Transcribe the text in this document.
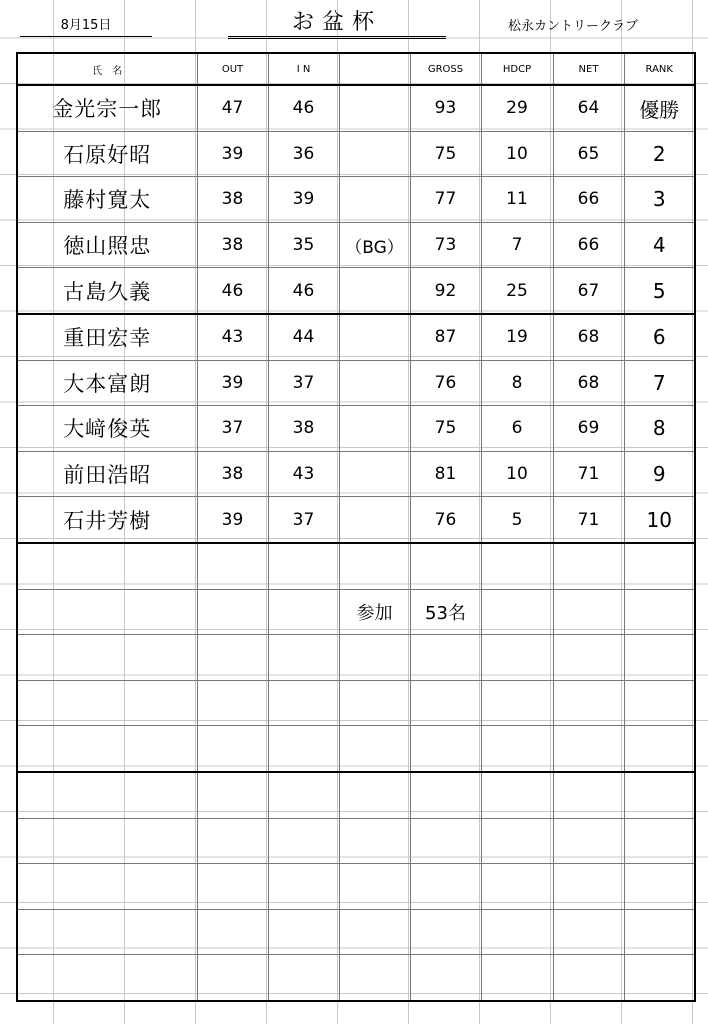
8月15日	お盆杯	松永カントリークラブ
氏　名	OUT	I N		GROSS	HDCP	NET	RANK
金光宗一郎	47	46		93	29	64	優勝
石原好昭	39	36		75	10	65	2
藤村寛太	38	39		77	11	66	3
徳山照忠	38	35	（BG）	73	7	66	4
古島久義	46	46		92	25	67	5
重田宏幸	43	44		87	19	68	6
大本富朗	39	37		76	8	68	7
大﨑俊英	37	38		75	6	69	8
前田浩昭	38	43		81	10	71	9
石井芳樹	39	37		76	5	71	10

			参加	53名			
